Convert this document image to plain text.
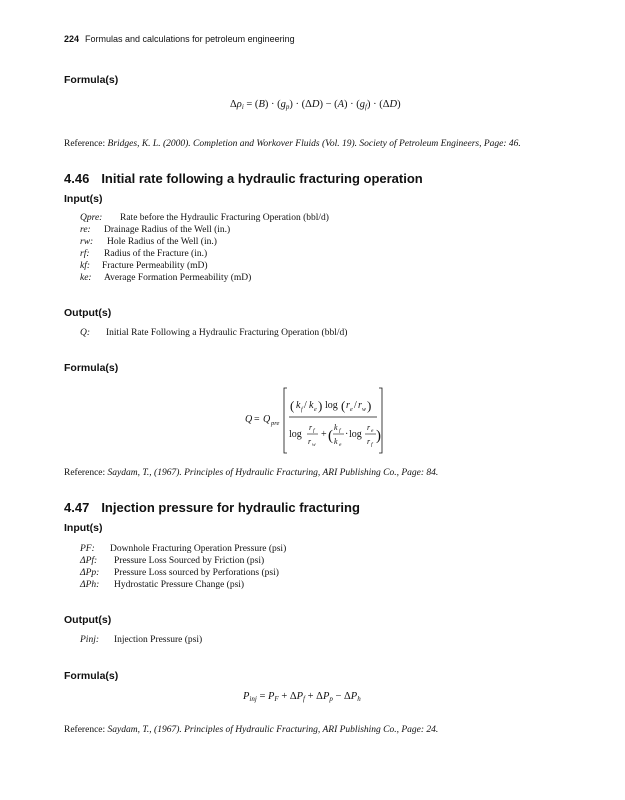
224 Formulas and calculations for petroleum engineering

Formula(s)

Δρi = (B) · (gp) · (ΔD) − (A) · (gf) · (ΔD)
Reference: Bridges, K. L. (2000). Completion and Workover Fluids (Vol. 19). Society of Petroleum Engineers, Page: 46.
4.46 Initial rate following a hydraulic fracturing operation

Input(s)

Qpre: Rate before the Hydraulic Fracturing Operation (bbl/d)
re: Drainage Radius of the Well (in.)
rw: Hole Radius of the Well (in.)
rf: Radius of the Fracture (in.)
kf: Fracture Permeability (mD)
ke: Average Formation Permeability (mD)

Output(s)

Q: Initial Rate Following a Hydraulic Fracturing Operation (bbl/d)

Formula(s)

Q = Q pre
( k f / k e ) log ( r e / r w )
log
r f
r w
+ (
k f
k e
· log
r e
r f
)
Reference: Saydam, T., (1967). Principles of Hydraulic Fracturing, ARI Publishing Co., Page: 84.
4.47 Injection pressure for hydraulic fracturing

Input(s)

PF: Downhole Fracturing Operation Pressure (psi)
ΔPf: Pressure Loss Sourced by Friction (psi)
ΔPp: Pressure Loss sourced by Perforations (psi)
ΔPh: Hydrostatic Pressure Change (psi)

Output(s)

Pinj: Injection Pressure (psi)

Formula(s)

Pinj = PF + ΔPf + ΔPp − ΔPh
Reference: Saydam, T., (1967). Principles of Hydraulic Fracturing, ARI Publishing Co., Page: 24.
